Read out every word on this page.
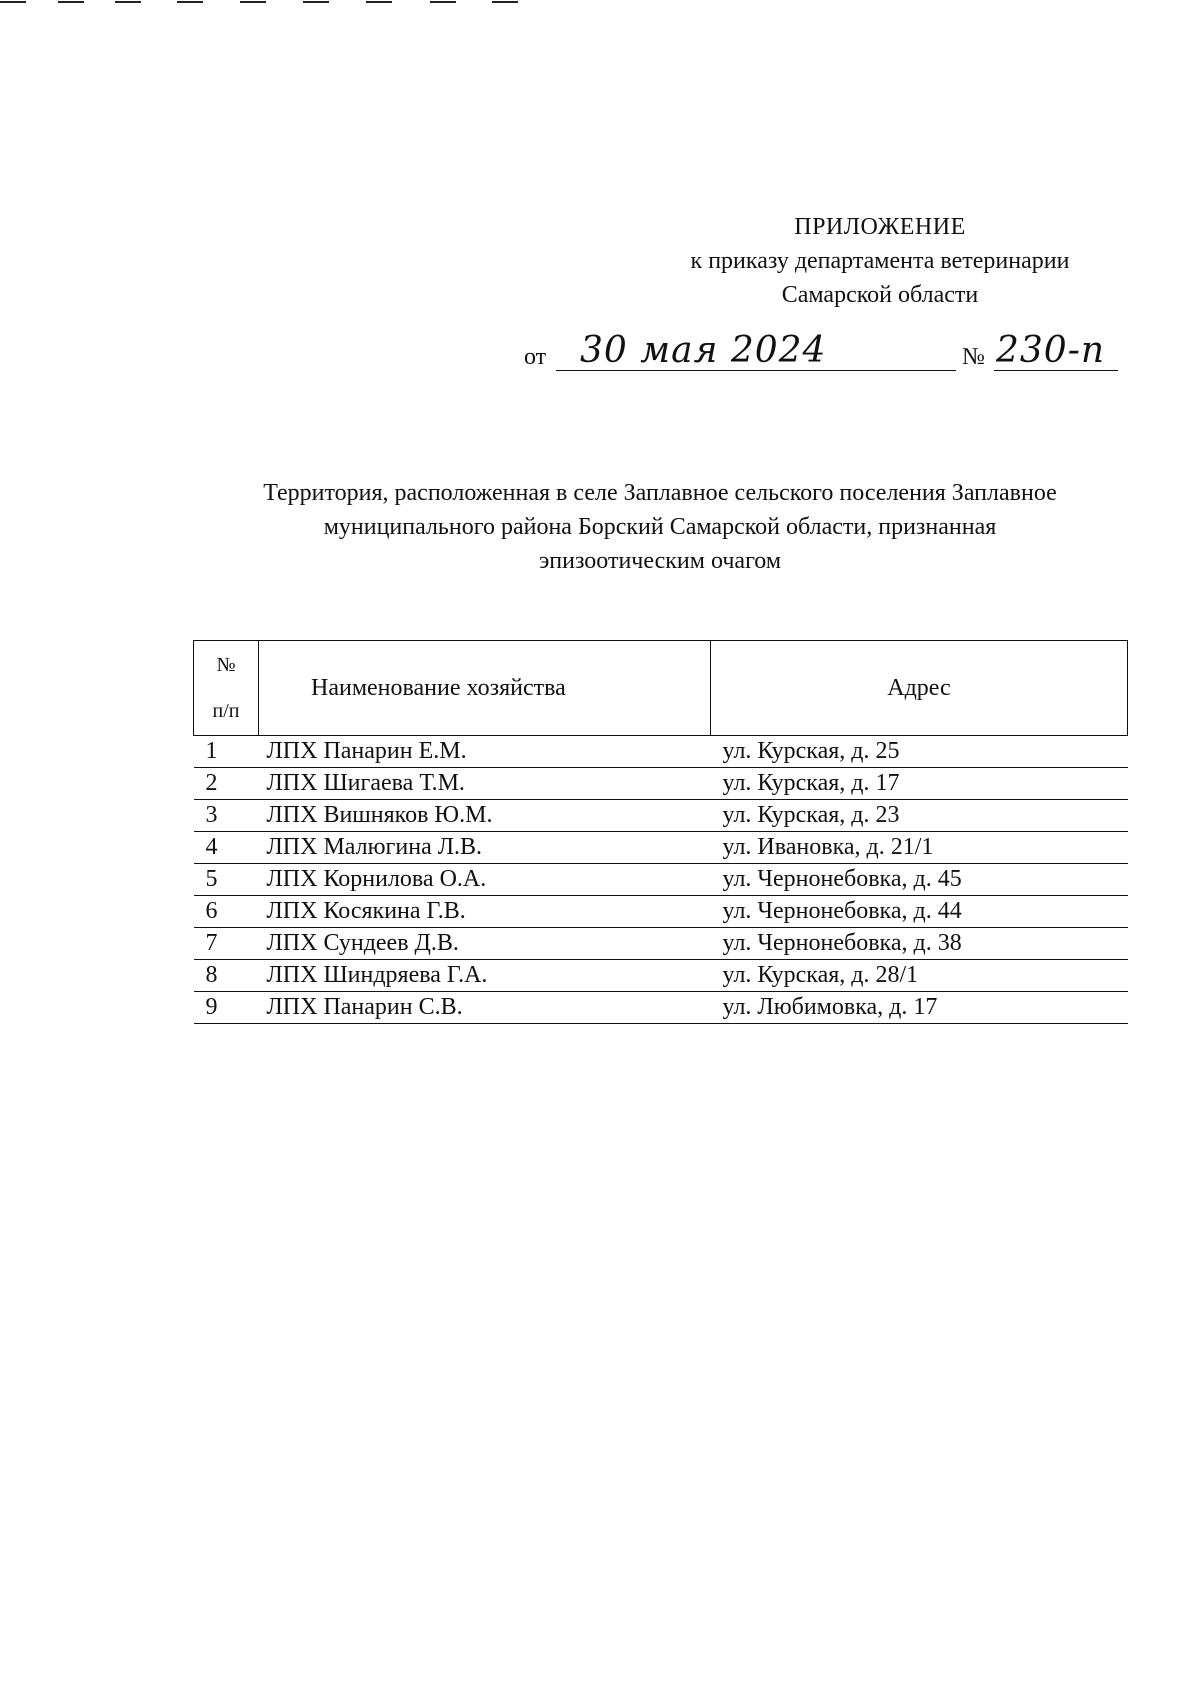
ПРИЛОЖЕНИЕ
к приказу департамента ветеринарии
Самарской области
от 30 мая 2024	№ 230-п
Территория, расположенная в селе Заплавное сельского поселения Заплавное
муниципального района Борский Самарской области, признанная
эпизоотическим очагом
№
п/п	Наименование хозяйства	Адрес
1	ЛПХ Панарин Е.М.	ул. Курская, д. 25
2	ЛПХ Шигаева Т.М.	ул. Курская, д. 17
3	ЛПХ Вишняков Ю.М.	ул. Курская, д. 23
4	ЛПХ Малюгина Л.В.	ул. Ивановка, д. 21/1
5	ЛПХ Корнилова О.А.	ул. Чернонебовка, д. 45
6	ЛПХ Косякина Г.В.	ул. Чернонебовка, д. 44
7	ЛПХ Сундеев Д.В.	ул. Чернонебовка, д. 38
8	ЛПХ Шиндряева Г.А.	ул. Курская, д. 28/1
9	ЛПХ Панарин С.В.	ул. Любимовка, д. 17
